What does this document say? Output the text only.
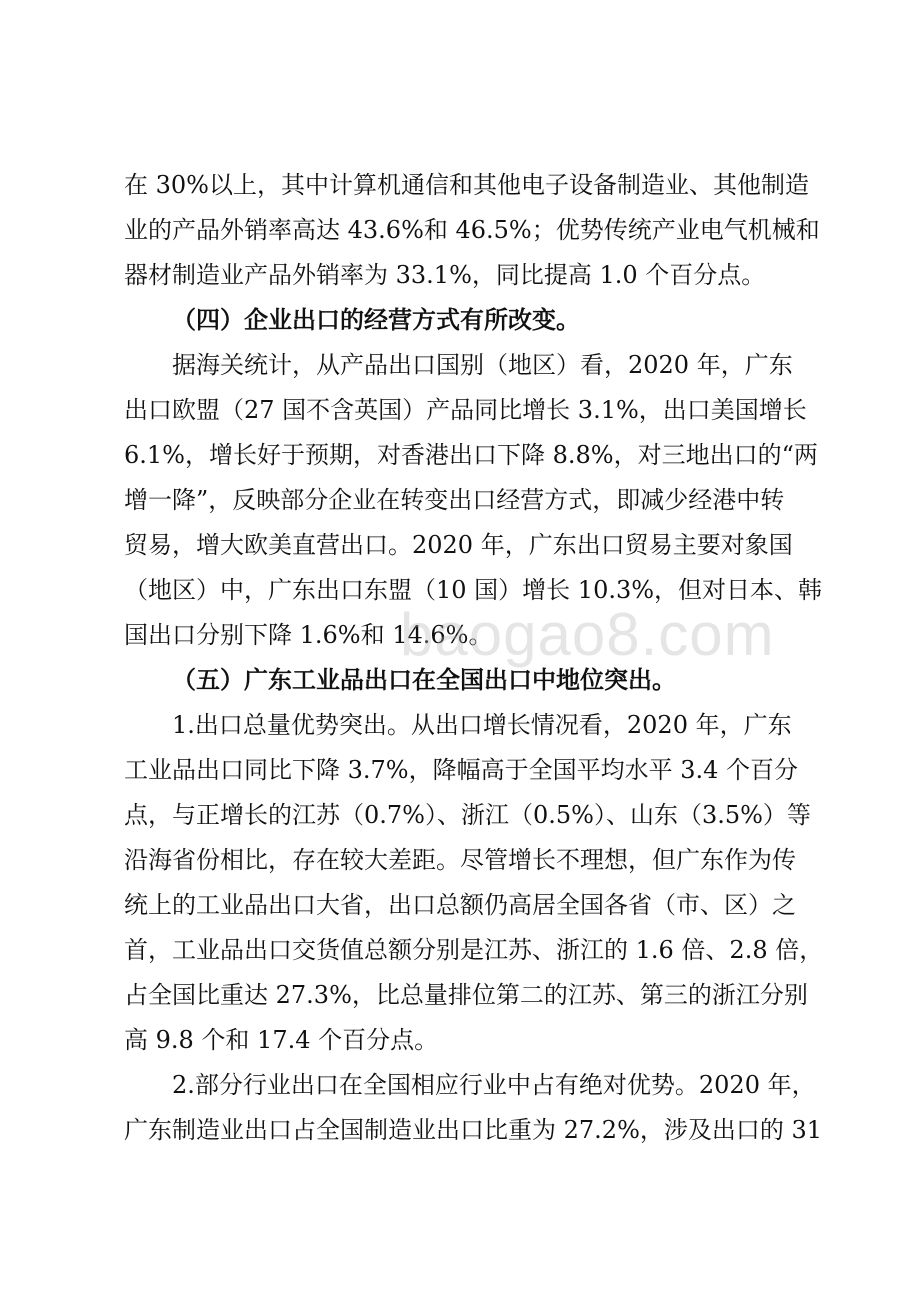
在 30%以上，其中计算机通信和其他电子设备制造业、其他制造
业的产品外销率高达 43.6%和 46.5%；优势传统产业电气机械和
器材制造业产品外销率为 33.1%，同比提高 1.0 个百分点。
（四）企业出口的经营方式有所改变。
据海关统计，从产品出口国别（地区）看，2020 年，广东
出口欧盟（27 国不含英国）产品同比增长 3.1%，出口美国增长
6.1%，增长好于预期，对香港出口下降 8.8%，对三地出口的“两
增一降”，反映部分企业在转变出口经营方式，即减少经港中转
贸易，增大欧美直营出口。2020 年，广东出口贸易主要对象国
（地区）中，广东出口东盟（10 国）增长 10.3%，但对日本、韩
国出口分别下降 1.6%和 14.6%。
（五）广东工业品出口在全国出口中地位突出。
1.出口总量优势突出。从出口增长情况看，2020 年，广东
工业品出口同比下降 3.7%，降幅高于全国平均水平 3.4 个百分
点，与正增长的江苏（0.7%）、浙江（0.5%）、山东（3.5%）等
沿海省份相比，存在较大差距。尽管增长不理想，但广东作为传
统上的工业品出口大省，出口总额仍高居全国各省（市、区）之
首，工业品出口交货值总额分别是江苏、浙江的 1.6 倍、2.8 倍，
占全国比重达 27.3%，比总量排位第二的江苏、第三的浙江分别
高 9.8 个和 17.4 个百分点。
2.部分行业出口在全国相应行业中占有绝对优势。2020 年，
广东制造业出口占全国制造业出口比重为 27.2%，涉及出口的 31
baogao8.com
